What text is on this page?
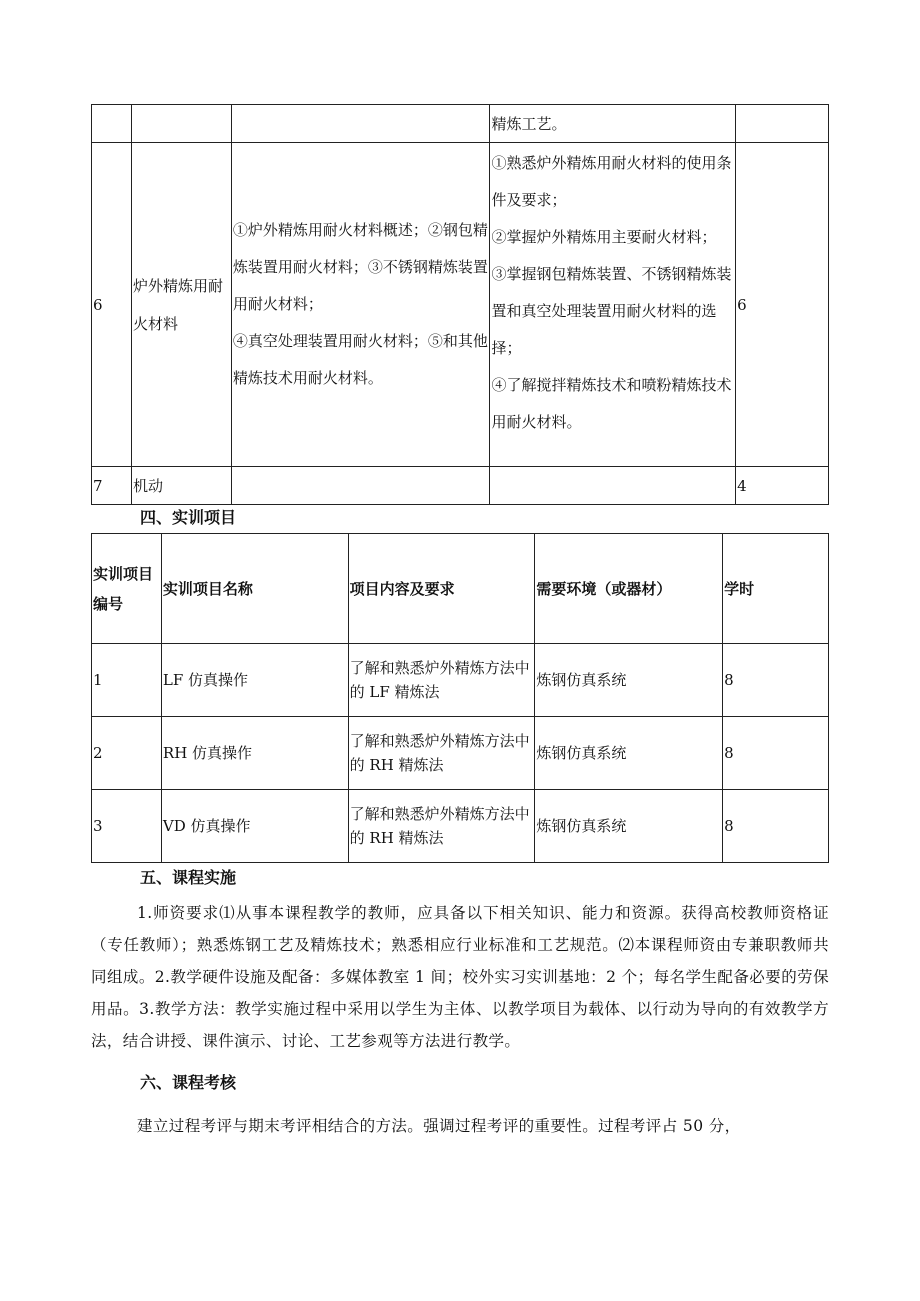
			精炼工艺。	
6	炉外精炼用耐火材料	①炉外精炼用耐火材料概述；②钢包精炼装置用耐火材料；③不锈钢精炼装置用耐火材料；
④真空处理装置用耐火材料；⑤和其他精炼技术用耐火材料。	①熟悉炉外精炼用耐火材料的使用条件及要求；
②掌握炉外精炼用主要耐火材料；
③掌握钢包精炼装置、不锈钢精炼装置和真空处理装置用耐火材料的选择；
④了解搅拌精炼技术和喷粉精炼技术用耐火材料。	6
7	机动			4
四、实训项目
实训项目编号	实训项目名称	项目内容及要求	需要环境（或器材）	学时
1	LF 仿真操作	了解和熟悉炉外精炼方法中的 LF 精炼法	炼钢仿真系统	8
2	RH 仿真操作	了解和熟悉炉外精炼方法中的 RH 精炼法	炼钢仿真系统	8
3	VD 仿真操作	了解和熟悉炉外精炼方法中的 RH 精炼法	炼钢仿真系统	8
五、课程实施
1.师资要求⑴从事本课程教学的教师，应具备以下相关知识、能力和资源。获得高校教师资格证（专任教师）；熟悉炼钢工艺及精炼技术；熟悉相应行业标准和工艺规范。⑵本课程师资由专兼职教师共同组成。2.教学硬件设施及配备：多媒体教室 1 间；校外实习实训基地：2 个；每名学生配备必要的劳保用品。3.教学方法：教学实施过程中采用以学生为主体、以教学项目为载体、以行动为导向的有效教学方法，结合讲授、课件演示、讨论、工艺参观等方法进行教学。
六、课程考核
建立过程考评与期末考评相结合的方法。强调过程考评的重要性。过程考评占 50 分，
